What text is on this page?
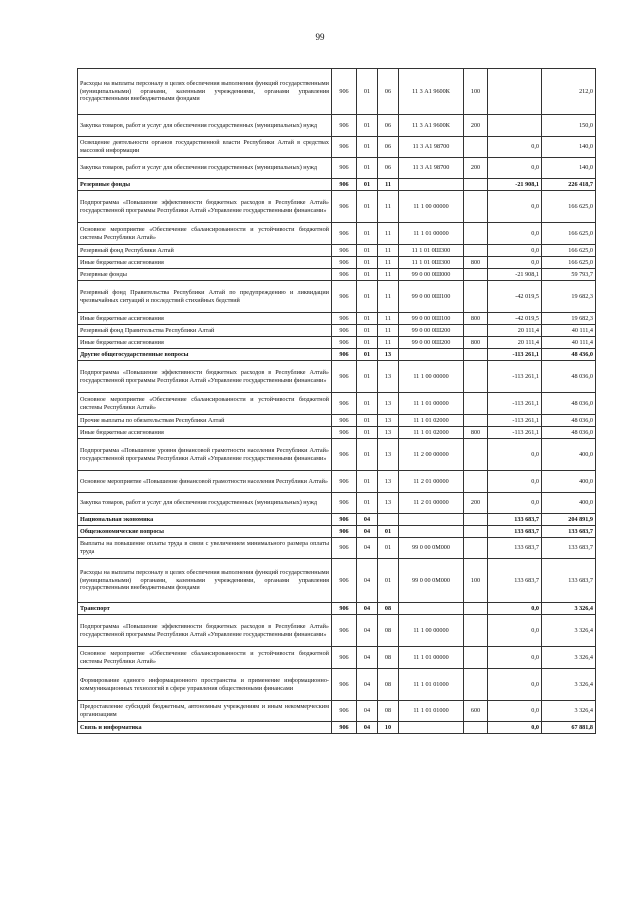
99
Расходы на выплаты персоналу в целях обеспечения выполнения функций государственными (муниципальными) органами, казенными учреждениями, органами управления государственными внебюджетными фондами	906	01	06	11 3 А1 9600К	100		212,0
Закупка товаров, работ и услуг для обеспечения государственных (муниципальных) нужд	906	01	06	11 3 А1 9600К	200		150,0
Освещение деятельности органов государственной власти Республики Алтай в средствах массовой информации	906	01	06	11 3 А1 98700		0,0	140,0
Закупка товаров, работ и услуг для обеспечения государственных (муниципальных) нужд	906	01	06	11 3 А1 98700	200	0,0	140,0
Резервные фонды	906	01	11			-21 908,1	226 418,7
Подпрограмма «Повышение эффективности бюджетных расходов в Республике Алтай» государственной программы Республики Алтай «Управление государственными финансами»	906	01	11	11 1 00 00000		0,0	166 625,0
Основное мероприятие «Обеспечение сбалансированности и устойчивости бюджетной системы Республики Алтай»	906	01	11	11 1 01 00000		0,0	166 625,0
Резервный фонд Республики Алтай	906	01	11	11 1 01 0Ш300		0,0	166 625,0
Иные бюджетные ассигнования	906	01	11	11 1 01 0Ш300	800	0,0	166 625,0
Резервные фонды	906	01	11	99 0 00 0Ш000		-21 908,1	59 793,7
Резервный фонд Правительства Республики Алтай по предупреждению и ликвидации чрезвычайных ситуаций и последствий стихийных бедствий	906	01	11	99 0 00 0Ш100		-42 019,5	19 682,3
Иные бюджетные ассигнования	906	01	11	99 0 00 0Ш100	800	-42 019,5	19 682,3
Резервный фонд Правительства Республики Алтай	906	01	11	99 0 00 0Ш200		20 111,4	40 111,4
Иные бюджетные ассигнования	906	01	11	99 0 00 0Ш200	800	20 111,4	40 111,4
Другие общегосударственные вопросы	906	01	13			-113 261,1	48 436,0
Подпрограмма «Повышение эффективности бюджетных расходов в Республике Алтай» государственной программы Республики Алтай «Управление государственными финансами»	906	01	13	11 1 00 00000		-113 261,1	48 036,0
Основное мероприятие «Обеспечение сбалансированности и устойчивости бюджетной системы Республики Алтай»	906	01	13	11 1 01 00000		-113 261,1	48 036,0
Прочие выплаты по обязательствам Республики Алтай	906	01	13	11 1 01 02000		-113 261,1	48 036,0
Иные бюджетные ассигнования	906	01	13	11 1 01 02000	800	-113 261,1	48 036,0
Подпрограмма «Повышение уровня финансовой грамотности населения Республики Алтай» государственной программы Республики Алтай «Управление государственными финансами»	906	01	13	11 2 00 00000		0,0	400,0
Основное мероприятие «Повышение финансовой грамотности населения Республики Алтай»	906	01	13	11 2 01 00000		0,0	400,0
Закупка товаров, работ и услуг для обеспечения государственных (муниципальных) нужд	906	01	13	11 2 01 00000	200	0,0	400,0
Национальная экономика	906	04				133 683,7	204 891,9
Общеэкономические вопросы	906	04	01			133 683,7	133 683,7
Выплаты на повышение оплаты труда в связи с увеличением минимального размера оплаты труда	906	04	01	99 0 00 0М000		133 683,7	133 683,7
Расходы на выплаты персоналу в целях обеспечения выполнения функций государственными (муниципальными) органами, казенными учреждениями, органами управления государственными внебюджетными фондами	906	04	01	99 0 00 0М000	100	133 683,7	133 683,7
Транспорт	906	04	08			0,0	3 326,4
Подпрограмма «Повышение эффективности бюджетных расходов в Республике Алтай» государственной программы Республики Алтай «Управление государственными финансами»	906	04	08	11 1 00 00000		0,0	3 326,4
Основное мероприятие «Обеспечение сбалансированности и устойчивости бюджетной системы Республики Алтай»	906	04	08	11 1 01 00000		0,0	3 326,4
Формирование единого информационного пространства и применение информационно-коммуникационных технологий в сфере управления общественными финансами	906	04	08	11 1 01 01000		0,0	3 326,4
Предоставление субсидий бюджетным, автономным учреждениям и иным некоммерческим организациям	906	04	08	11 1 01 01000	600	0,0	3 326,4
Связь и информатика	906	04	10			0,0	67 881,8
